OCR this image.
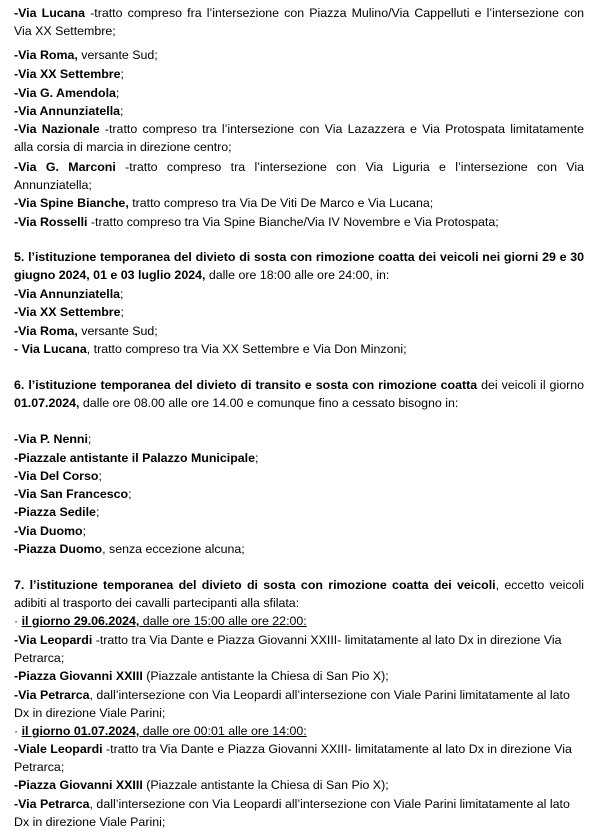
-Via Lucana -tratto compreso fra l’intersezione con Piazza Mulino/Via Cappelluti e l’intersezione con Via XX Settembre;
-Via Roma, versante Sud;
-Via XX Settembre;
-Via G. Amendola;
-Via Annunziatella;
-Via Nazionale -tratto compreso tra l’intersezione con Via Lazazzera e Via Protospata limitatamente alla corsia di marcia in direzione centro;
-Via G. Marconi -tratto compreso tra l’intersezione con Via Liguria e l’intersezione con Via Annunziatella;
-Via Spine Bianche, tratto compreso tra Via De Viti De Marco e Via Lucana;
-Via Rosselli -tratto compreso tra Via Spine Bianche/Via IV Novembre e Via Protospata;
5. l’istituzione temporanea del divieto di sosta con rimozione coatta dei veicoli nei giorni 29 e 30 giugno 2024, 01 e 03 luglio 2024, dalle ore 18:00 alle ore 24:00, in:
-Via Annunziatella;
-Via XX Settembre;
-Via Roma, versante Sud;
- Via Lucana, tratto compreso tra Via XX Settembre e Via Don Minzoni;
6. l’istituzione temporanea del divieto di transito e sosta con rimozione coatta dei veicoli il giorno 01.07.2024, dalle ore 08.00 alle ore 14.00 e comunque fino a cessato bisogno in:
-Via P. Nenni;
-Piazzale antistante il Palazzo Municipale;
-Via Del Corso;
-Via San Francesco;
-Piazza Sedile;
-Via Duomo;
-Piazza Duomo, senza eccezione alcuna;
7. l’istituzione temporanea del divieto di sosta con rimozione coatta dei veicoli, eccetto veicoli adibiti al trasporto dei cavalli partecipanti alla sfilata:
· il giorno 29.06.2024, dalle ore 15:00 alle ore 22:00:
-Via Leopardi -tratto tra Via Dante e Piazza Giovanni XXIII- limitatamente al lato Dx in direzione Via Petrarca;
-Piazza Giovanni XXIII (Piazzale antistante la Chiesa di San Pio X);
-Via Petrarca, dall’intersezione con Via Leopardi all’intersezione con Viale Parini limitatamente al lato Dx in direzione Viale Parini;
· il giorno 01.07.2024, dalle ore 00:01 alle ore 14:00:
-Viale Leopardi -tratto tra Via Dante e Piazza Giovanni XXIII- limitatamente al lato Dx in direzione Via Petrarca;
-Piazza Giovanni XXIII (Piazzale antistante la Chiesa di San Pio X);
-Via Petrarca, dall’intersezione con Via Leopardi all’intersezione con Viale Parini limitatamente al lato Dx in direzione Viale Parini;
